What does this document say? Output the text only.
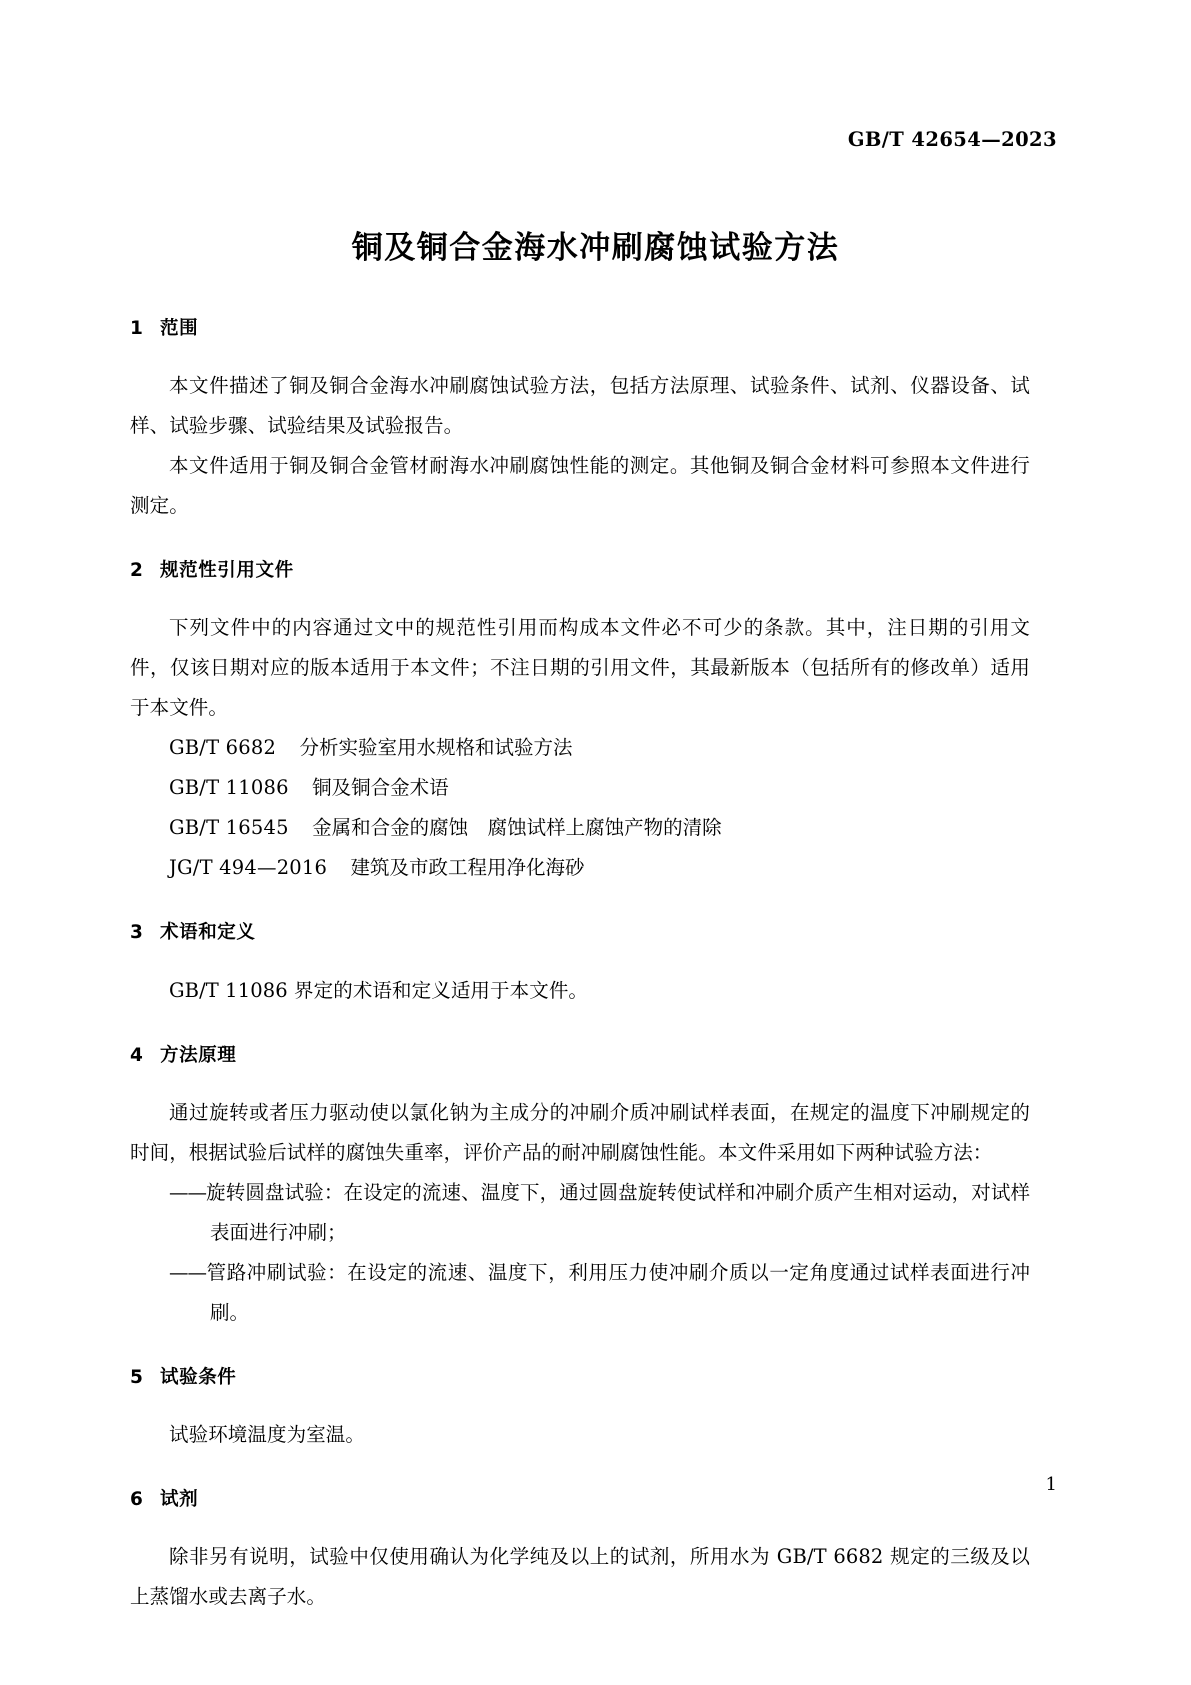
GB/T 42654—2023
铜及铜合金海水冲刷腐蚀试验方法
1 范围

本文件描述了铜及铜合金海水冲刷腐蚀试验方法，包括方法原理、试验条件、试剂、仪器设备、试样、试验步骤、试验结果及试验报告。

本文件适用于铜及铜合金管材耐海水冲刷腐蚀性能的测定。其他铜及铜合金材料可参照本文件进行测定。

2 规范性引用文件

下列文件中的内容通过文中的规范性引用而构成本文件必不可少的条款。其中，注日期的引用文件，仅该日期对应的版本适用于本文件；不注日期的引用文件，其最新版本（包括所有的修改单）适用于本文件。

GB/T 6682 分析实验室用水规格和试验方法
GB/T 11086 铜及铜合金术语
GB/T 16545 金属和合金的腐蚀　腐蚀试样上腐蚀产物的清除
JG/T 494—2016 建筑及市政工程用净化海砂
3 术语和定义

GB/T 11086 界定的术语和定义适用于本文件。

4 方法原理

通过旋转或者压力驱动使以氯化钠为主成分的冲刷介质冲刷试样表面，在规定的温度下冲刷规定的时间，根据试验后试样的腐蚀失重率，评价产品的耐冲刷腐蚀性能。本文件采用如下两种试验方法：

——旋转圆盘试验：在设定的流速、温度下，通过圆盘旋转使试样和冲刷介质产生相对运动，对试样表面进行冲刷；
——管路冲刷试验：在设定的流速、温度下，利用压力使冲刷介质以一定角度通过试样表面进行冲刷。
5 试验条件

试验环境温度为室温。

6 试剂

除非另有说明，试验中仅使用确认为化学纯及以上的试剂，所用水为 GB/T 6682 规定的三级及以上蒸馏水或去离子水。

1
